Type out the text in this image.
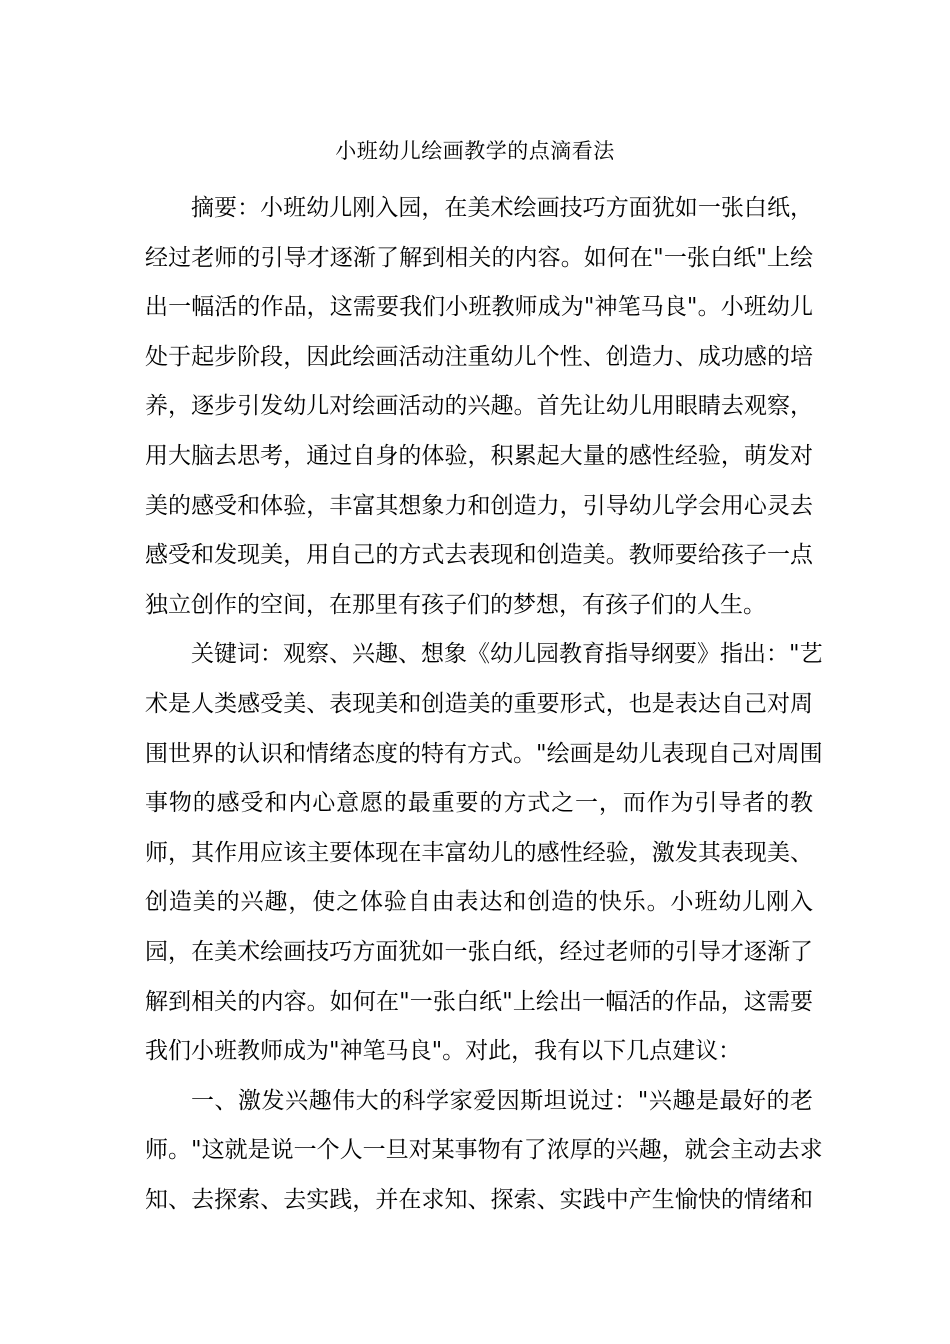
小班幼儿绘画教学的点滴看法
摘要：小班幼儿刚入园，在美术绘画技巧方面犹如一张白纸，
经过老师的引导才逐渐了解到相关的内容。如何在"一张白纸"上绘
出一幅活的作品，这需要我们小班教师成为"神笔马良"。小班幼儿
处于起步阶段，因此绘画活动注重幼儿个性、创造力、成功感的培
养，逐步引发幼儿对绘画活动的兴趣。首先让幼儿用眼睛去观察，
用大脑去思考，通过自身的体验，积累起大量的感性经验，萌发对
美的感受和体验，丰富其想象力和创造力，引导幼儿学会用心灵去
感受和发现美，用自己的方式去表现和创造美。教师要给孩子一点
独立创作的空间，在那里有孩子们的梦想，有孩子们的人生。
关键词：观察、兴趣、想象《幼儿园教育指导纲要》指出："艺
术是人类感受美、表现美和创造美的重要形式，也是表达自己对周
围世界的认识和情绪态度的特有方式。"绘画是幼儿表现自己对周围
事物的感受和内心意愿的最重要的方式之一，而作为引导者的教
师，其作用应该主要体现在丰富幼儿的感性经验，激发其表现美、
创造美的兴趣，使之体验自由表达和创造的快乐。小班幼儿刚入
园，在美术绘画技巧方面犹如一张白纸，经过老师的引导才逐渐了
解到相关的内容。如何在"一张白纸"上绘出一幅活的作品，这需要
我们小班教师成为"神笔马良"。对此，我有以下几点建议：
一、激发兴趣伟大的科学家爱因斯坦说过："兴趣是最好的老
师。"这就是说一个人一旦对某事物有了浓厚的兴趣，就会主动去求
知、去探索、去实践，并在求知、探索、实践中产生愉快的情绪和
